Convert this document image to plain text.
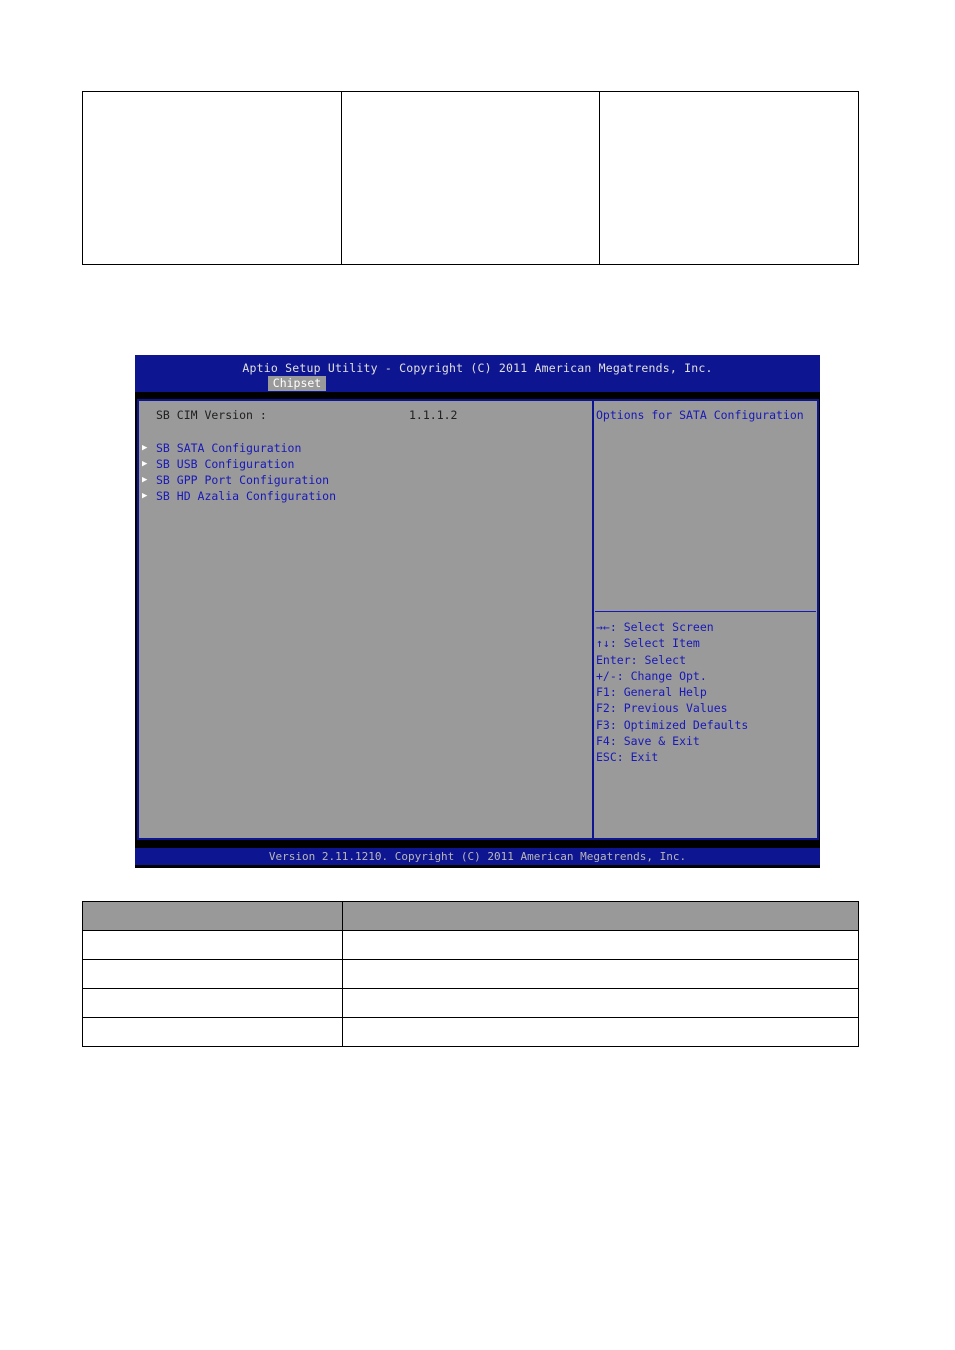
Aptio Setup Utility - Copyright (C) 2011 American Megatrends, Inc.
Chipset
SB CIM Version :	1.1.1.2
▶ SB SATA Configuration
▶ SB USB Configuration
▶ SB GPP Port Configuration
▶ SB HD Azalia Configuration
Options for SATA Configuration
→←: Select Screen
↑↓: Select Item
Enter: Select
+/-: Change Opt.
F1: General Help
F2: Previous Values
F3: Optimized Defaults
F4: Save & Exit
ESC: Exit
Version 2.11.1210. Copyright (C) 2011 American Megatrends, Inc.
